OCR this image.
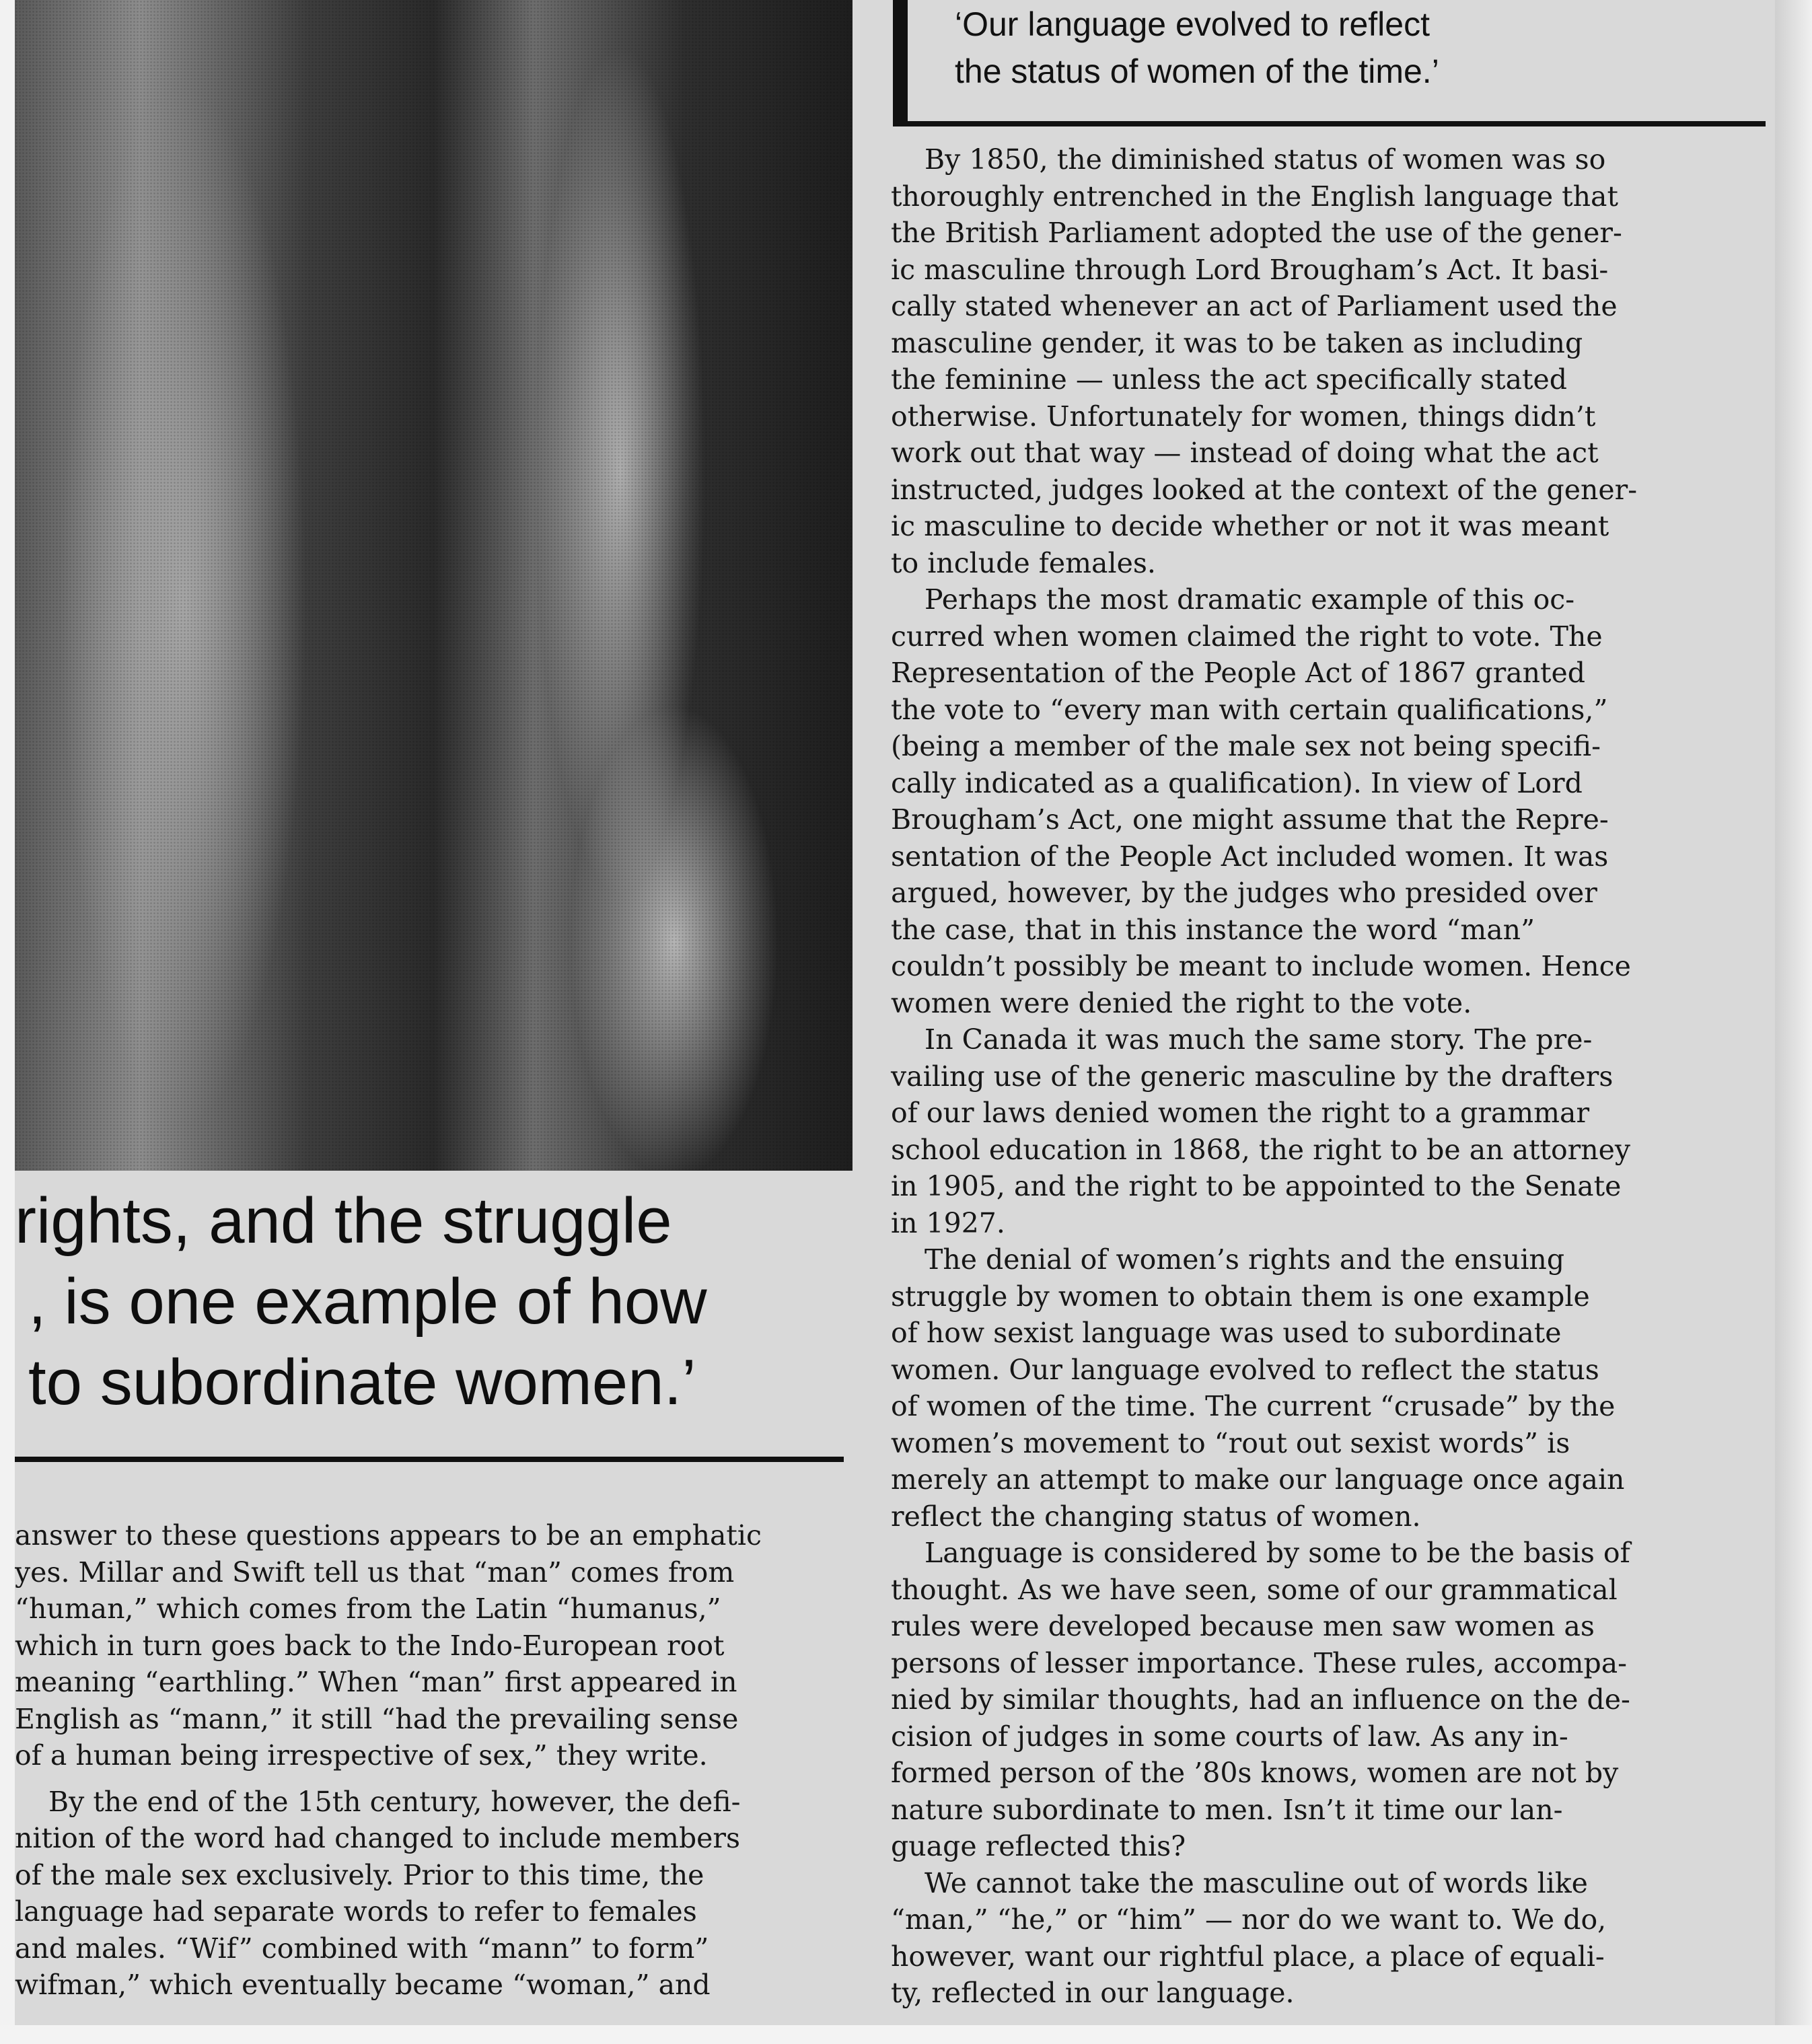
‘Our language evolved to reflect
the status of women of the time.’
rights, and the struggle
, is one example of how
to subordinate women.’

answer to these questions appears to be an emphatic
yes. Millar and Swift tell us that “man” comes from
“human,” which comes from the Latin “humanus,”
which in turn goes back to the Indo-European root
meaning “earthling.” When “man” first appeared in
English as “mann,” it still “had the prevailing sense
of a human being irrespective of sex,” they write.

By the end of the 15th century, however, the defi-
nition of the word had changed to include members
of the male sex exclusively. Prior to this time, the
language had separate words to refer to females
and males. “Wif” combined with “mann” to form”
wifman,” which eventually became “woman,” and

By 1850, the diminished status of women was so
thoroughly entrenched in the English language that
the British Parliament adopted the use of the gener-
ic masculine through Lord Brougham’s Act. It basi-
cally stated whenever an act of Parliament used the
masculine gender, it was to be taken as including
the feminine — unless the act specifically stated
otherwise. Unfortunately for women, things didn’t
work out that way — instead of doing what the act
instructed, judges looked at the context of the gener-
ic masculine to decide whether or not it was meant
to include females.

Perhaps the most dramatic example of this oc-
curred when women claimed the right to vote. The
Representation of the People Act of 1867 granted
the vote to “every man with certain qualifications,”
(being a member of the male sex not being specifi-
cally indicated as a qualification). In view of Lord
Brougham’s Act, one might assume that the Repre-
sentation of the People Act included women. It was
argued, however, by the judges who presided over
the case, that in this instance the word “man”
couldn’t possibly be meant to include women. Hence
women were denied the right to the vote.

In Canada it was much the same story. The pre-
vailing use of the generic masculine by the drafters
of our laws denied women the right to a grammar
school education in 1868, the right to be an attorney
in 1905, and the right to be appointed to the Senate
in 1927.

The denial of women’s rights and the ensuing
struggle by women to obtain them is one example
of how sexist language was used to subordinate
women. Our language evolved to reflect the status
of women of the time. The current “crusade” by the
women’s movement to “rout out sexist words” is
merely an attempt to make our language once again
reflect the changing status of women.

Language is considered by some to be the basis of
thought. As we have seen, some of our grammatical
rules were developed because men saw women as
persons of lesser importance. These rules, accompa-
nied by similar thoughts, had an influence on the de-
cision of judges in some courts of law. As any in-
formed person of the ’80s knows, women are not by
nature subordinate to men. Isn’t it time our lan-
guage reflected this?

We cannot take the masculine out of words like
“man,” “he,” or “him” — nor do we want to. We do,
however, want our rightful place, a place of equali-
ty, reflected in our language.
